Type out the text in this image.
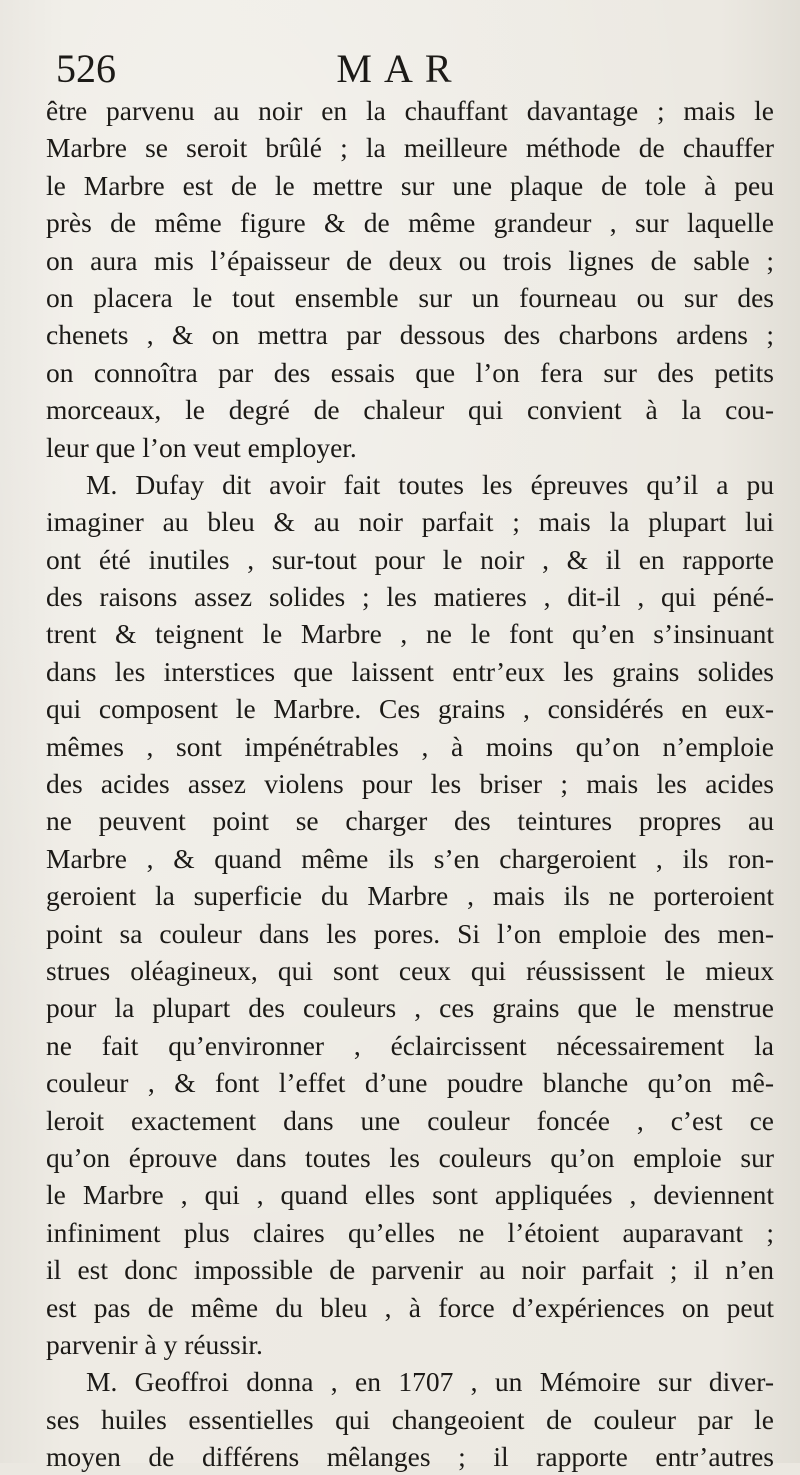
526	MAR
être parvenu au noir en la chauffant davantage ; mais le
Marbre se seroit brûlé ; la meilleure méthode de chauffer
le Marbre est de le mettre sur une plaque de tole à peu
près de même figure & de même grandeur , sur laquelle
on aura mis l’épaisseur de deux ou trois lignes de sable ;
on placera le tout ensemble sur un fourneau ou sur des
chenets , & on mettra par dessous des charbons ardens ;
on connoîtra par des essais que l’on fera sur des petits
morceaux, le degré de chaleur qui convient à la cou-
leur que l’on veut employer.
M. Dufay dit avoir fait toutes les épreuves qu’il a pu
imaginer au bleu & au noir parfait ; mais la plupart lui
ont été inutiles , sur-tout pour le noir , & il en rapporte
des raisons assez solides ; les matieres , dit-il , qui péné-
trent & teignent le Marbre , ne le font qu’en s’insinuant
dans les interstices que laissent entr’eux les grains solides
qui composent le Marbre. Ces grains , considérés en eux-
mêmes , sont impénétrables , à moins qu’on n’emploie
des acides assez violens pour les briser ; mais les acides
ne peuvent point se charger des teintures propres au
Marbre , & quand même ils s’en chargeroient , ils ron-
geroient la superficie du Marbre , mais ils ne porteroient
point sa couleur dans les pores. Si l’on emploie des men-
strues oléagineux, qui sont ceux qui réussissent le mieux
pour la plupart des couleurs , ces grains que le menstrue
ne fait qu’environner , éclaircissent nécessairement la
couleur , & font l’effet d’une poudre blanche qu’on mê-
leroit exactement dans une couleur foncée , c’est ce
qu’on éprouve dans toutes les couleurs qu’on emploie sur
le Marbre , qui , quand elles sont appliquées , deviennent
infiniment plus claires qu’elles ne l’étoient auparavant ;
il est donc impossible de parvenir au noir parfait ; il n’en
est pas de même du bleu , à force d’expériences on peut
parvenir à y réussir.
M. Geoffroi donna , en 1707 , un Mémoire sur diver-
ses huiles essentielles qui changeoient de couleur par le
moyen de différens mêlanges ; il rapporte entr’autres
